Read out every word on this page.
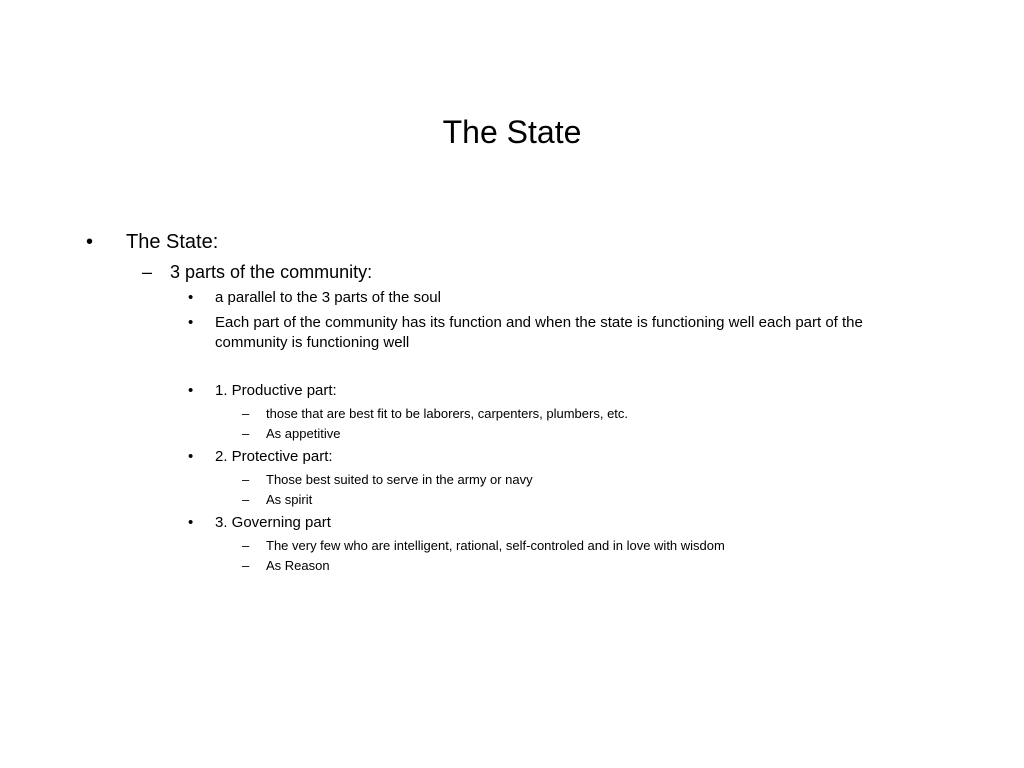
The State
• The State:
– 3 parts of the community:
• a parallel to the 3 parts of the soul
• Each part of the community has its function and when the state is functioning well each part of the community is functioning well
• 1. Productive part:
– those that are best fit to be laborers, carpenters, plumbers, etc.
– As appetitive
• 2. Protective part:
– Those best suited to serve in the army or navy
– As spirit
• 3. Governing part
– The very few who are intelligent, rational, self-controled and in love with wisdom
– As Reason
